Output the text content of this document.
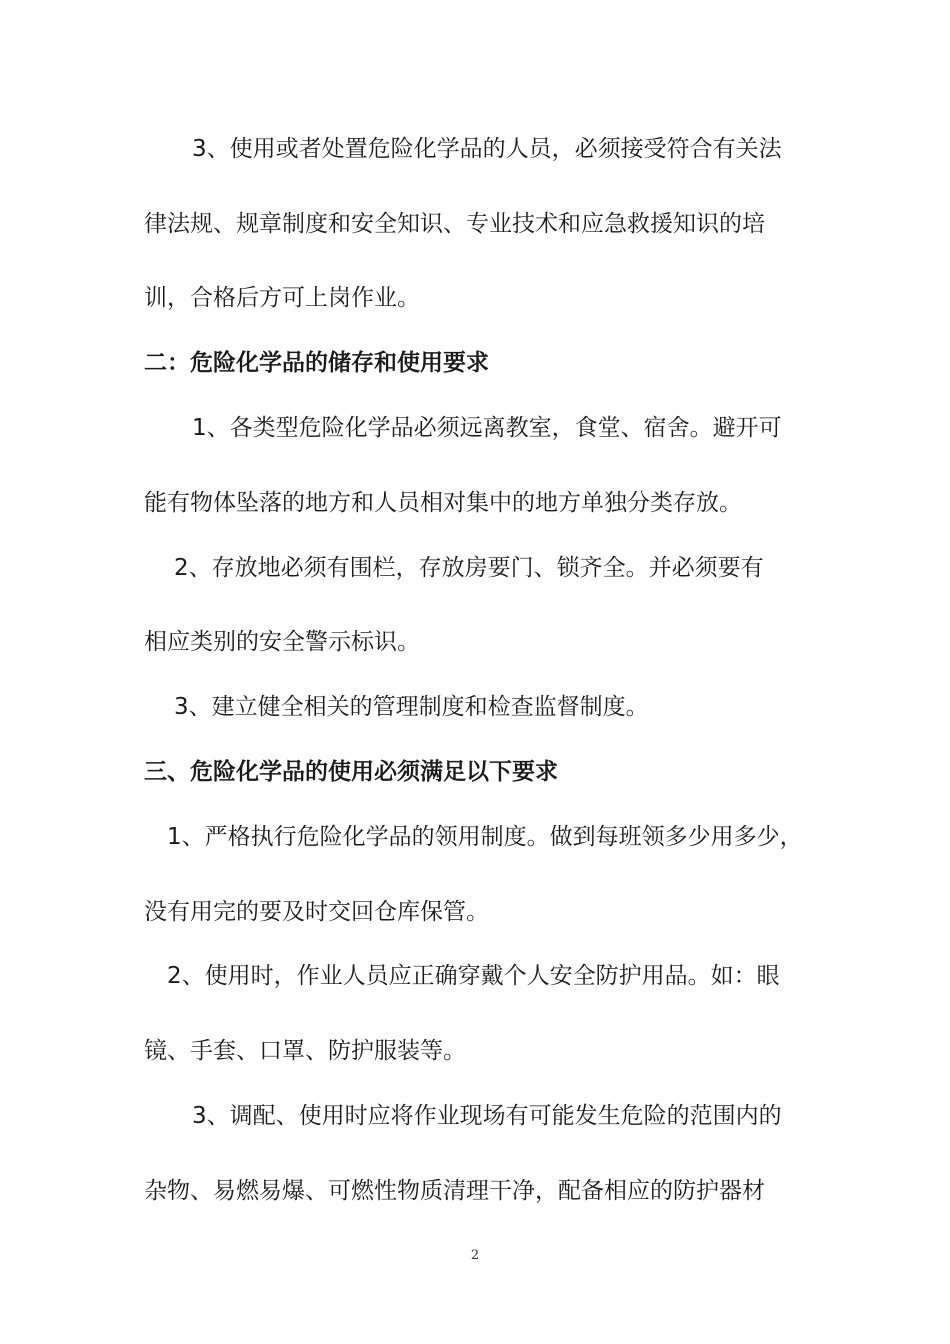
3、使用或者处置危险化学品的人员，必须接受符合有关法

律法规、规章制度和安全知识、专业技术和应急救援知识的培

训，合格后方可上岗作业。

二：危险化学品的储存和使用要求

1、各类型危险化学品必须远离教室，食堂、宿舍。避开可

能有物体坠落的地方和人员相对集中的地方单独分类存放。

2、存放地必须有围栏，存放房要门、锁齐全。并必须要有

相应类别的安全警示标识。

3、建立健全相关的管理制度和检查监督制度。

三、危险化学品的使用必须满足以下要求

1、严格执行危险化学品的领用制度。做到每班领多少用多少，

没有用完的要及时交回仓库保管。

2、使用时，作业人员应正确穿戴个人安全防护用品。如：眼

镜、手套、口罩、防护服装等。

3、调配、使用时应将作业现场有可能发生危险的范围内的

杂物、易燃易爆、可燃性物质清理干净，配备相应的防护器材

2
